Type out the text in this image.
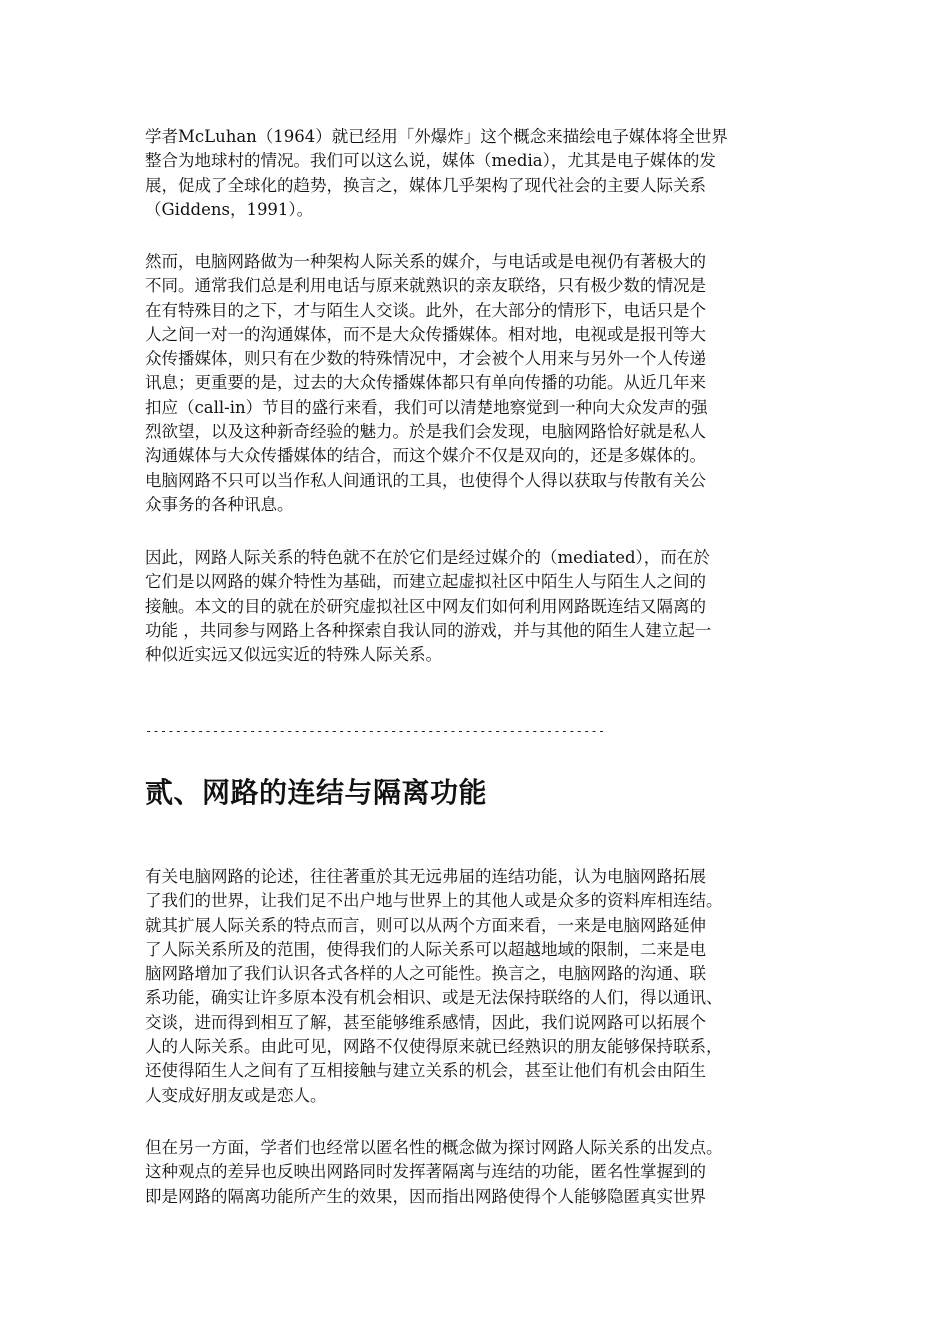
学者McLuhan（1964）就已经用「外爆炸」这个概念来描绘电子媒体将全世界
整合为地球村的情况。我们可以这么说，媒体（media），尤其是电子媒体的发
展，促成了全球化的趋势，换言之，媒体几乎架构了现代社会的主要人际关系
（Giddens，1991）。

然而，电脑网路做为一种架构人际关系的媒介，与电话或是电视仍有著极大的
不同。通常我们总是利用电话与原来就熟识的亲友联络，只有极少数的情况是
在有特殊目的之下，才与陌生人交谈。此外，在大部分的情形下，电话只是个
人之间一对一的沟通媒体，而不是大众传播媒体。相对地，电视或是报刊等大
众传播媒体，则只有在少数的特殊情况中，才会被个人用来与另外一个人传递
讯息；更重要的是，过去的大众传播媒体都只有单向传播的功能。从近几年来
扣应（call-in）节目的盛行来看，我们可以清楚地察觉到一种向大众发声的强
烈欲望，以及这种新奇经验的魅力。於是我们会发现，电脑网路恰好就是私人
沟通媒体与大众传播媒体的结合，而这个媒介不仅是双向的，还是多媒体的。
电脑网路不只可以当作私人间通讯的工具，也使得个人得以获取与传散有关公
众事务的各种讯息。

因此，网路人际关系的特色就不在於它们是经过媒介的（mediated），而在於
它们是以网路的媒介特性为基础，而建立起虚拟社区中陌生人与陌生人之间的
接触。本文的目的就在於研究虚拟社区中网友们如何利用网路既连结又隔离的
功能 ，共同参与网路上各种探索自我认同的游戏，并与其他的陌生人建立起一
种似近实远又似远实近的特殊人际关系。

--------------------------------------------------------------
贰、网路的连结与隔离功能

有关电脑网路的论述，往往著重於其无远弗届的连结功能，认为电脑网路拓展
了我们的世界，让我们足不出户地与世界上的其他人或是众多的资料库相连结。
就其扩展人际关系的特点而言，则可以从两个方面来看，一来是电脑网路延伸
了人际关系所及的范围，使得我们的人际关系可以超越地域的限制，二来是电
脑网路增加了我们认识各式各样的人之可能性。换言之，电脑网路的沟通、联
系功能，确实让许多原本没有机会相识、或是无法保持联络的人们，得以通讯、
交谈，进而得到相互了解，甚至能够维系感情，因此，我们说网路可以拓展个
人的人际关系。由此可见，网路不仅使得原来就已经熟识的朋友能够保持联系，
还使得陌生人之间有了互相接触与建立关系的机会，甚至让他们有机会由陌生
人变成好朋友或是恋人。

但在另一方面，学者们也经常以匿名性的概念做为探讨网路人际关系的出发点。
这种观点的差异也反映出网路同时发挥著隔离与连结的功能，匿名性掌握到的
即是网路的隔离功能所产生的效果，因而指出网路使得个人能够隐匿真实世界
